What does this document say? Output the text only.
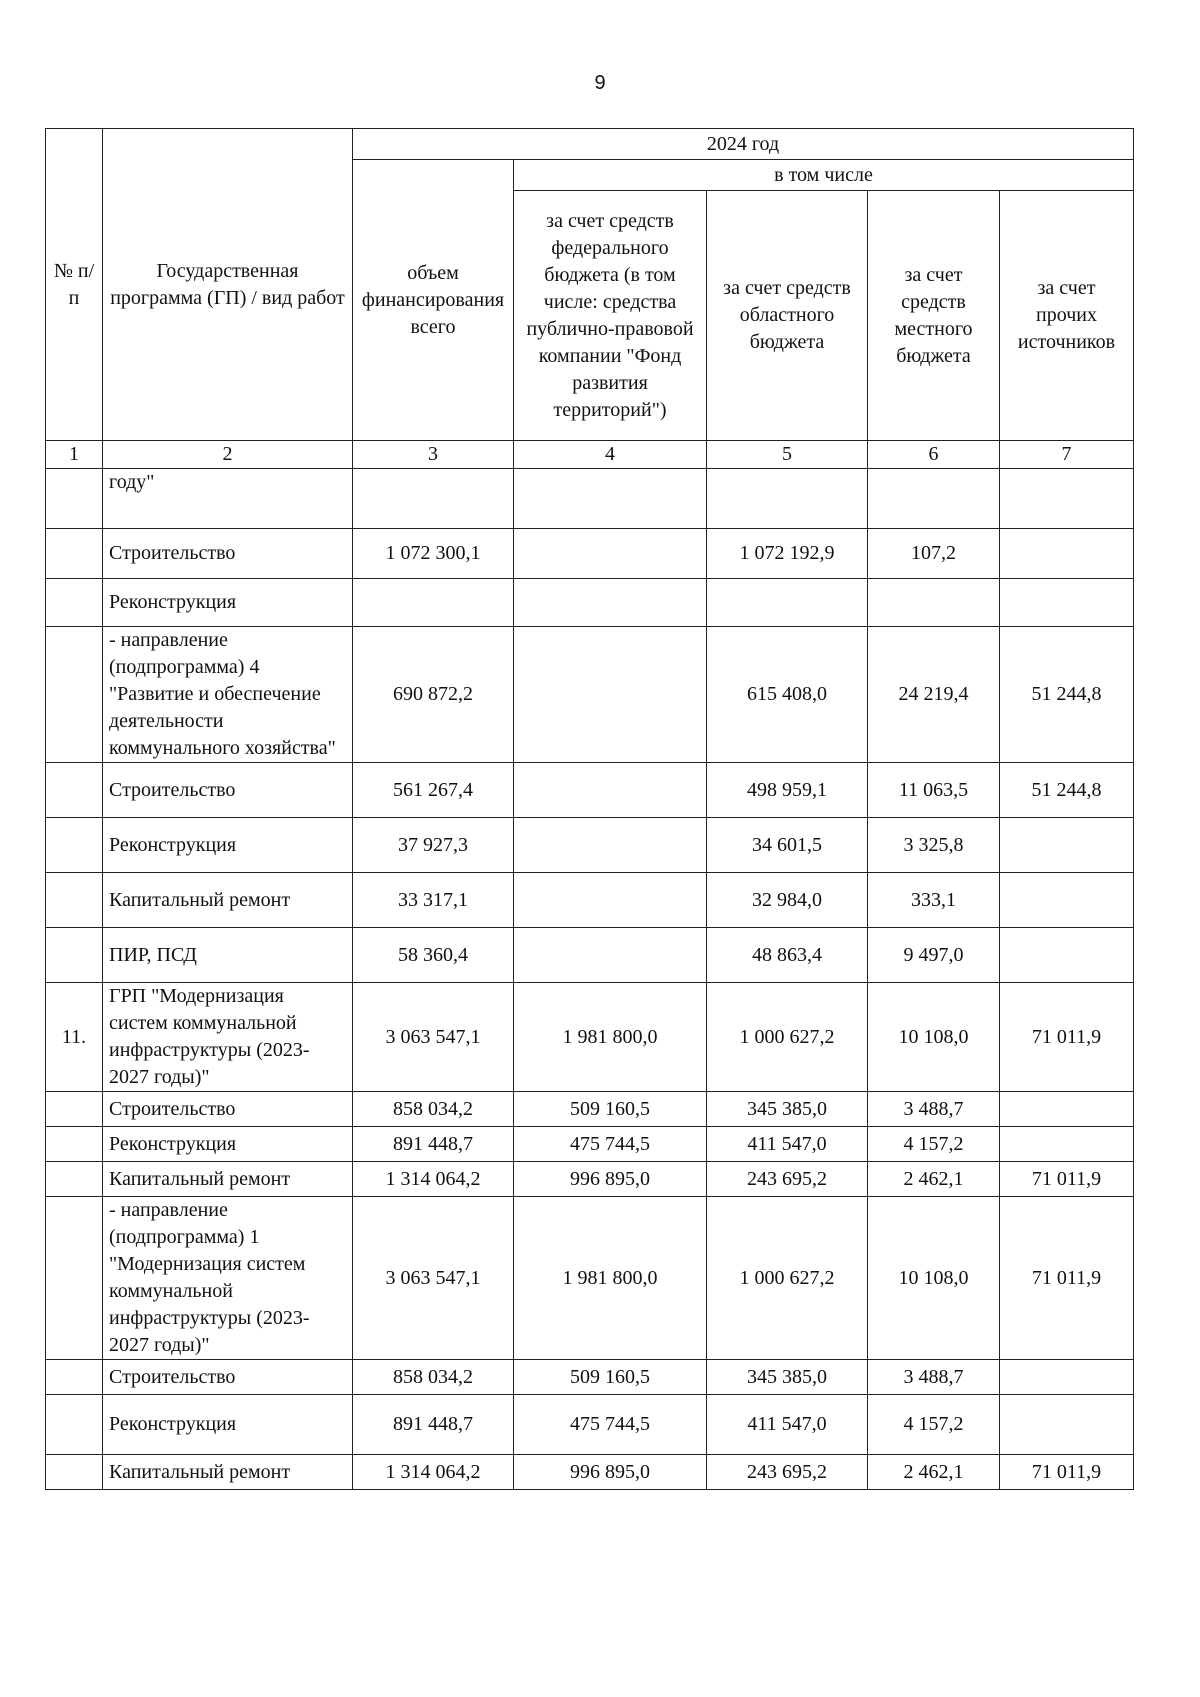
9
№ п/п	Государственная программа (ГП) / вид работ	2024 год				
		объем финансирования всего	в том числе			
			за счет средств федерального бюджета (в том числе: средства публично-правовой компании "Фонд развития территорий")	за счет средств областного бюджета	за счет средств местного бюджета	за счет прочих источников
1	2	3	4	5	6	7
	году"					
	Строительство	1 072 300,1		1 072 192,9	107,2	
	Реконструкция					
	- направление (подпрограмма) 4 "Развитие и обеспечение деятельности коммунального хозяйства"	690 872,2		615 408,0	24 219,4	51 244,8
	Строительство	561 267,4		498 959,1	11 063,5	51 244,8
	Реконструкция	37 927,3		34 601,5	3 325,8	
	Капитальный ремонт	33 317,1		32 984,0	333,1	
	ПИР, ПСД	58 360,4		48 863,4	9 497,0	
11.	ГРП "Модернизация систем коммунальной инфраструктуры (2023-2027 годы)"	3 063 547,1	1 981 800,0	1 000 627,2	10 108,0	71 011,9
	Строительство	858 034,2	509 160,5	345 385,0	3 488,7	
	Реконструкция	891 448,7	475 744,5	411 547,0	4 157,2	
	Капитальный ремонт	1 314 064,2	996 895,0	243 695,2	2 462,1	71 011,9
	- направление (подпрограмма) 1 "Модернизация систем коммунальной инфраструктуры (2023-2027 годы)"	3 063 547,1	1 981 800,0	1 000 627,2	10 108,0	71 011,9
	Строительство	858 034,2	509 160,5	345 385,0	3 488,7	
	Реконструкция	891 448,7	475 744,5	411 547,0	4 157,2	
	Капитальный ремонт	1 314 064,2	996 895,0	243 695,2	2 462,1	71 011,9
